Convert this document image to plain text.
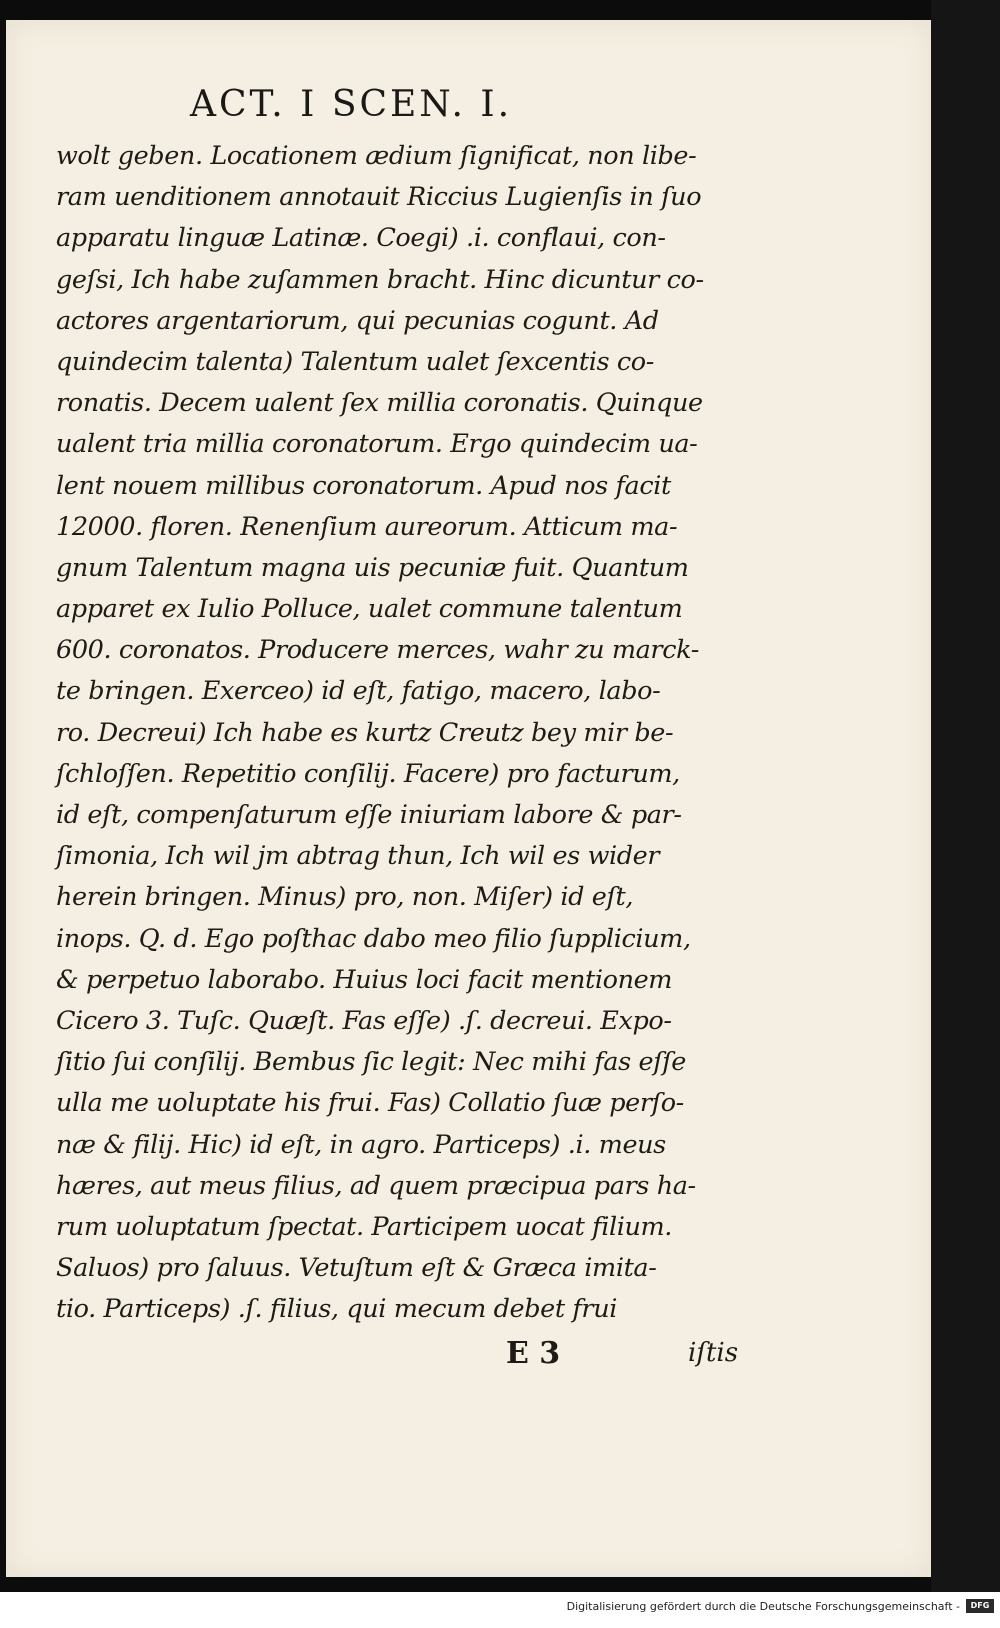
ACT. I SCEN. I.
wolt geben. Locationem ædium ſignificat, non libe-
ram uenditionem annotauit Riccius Lugienſis in ſuo
apparatu linguæ Latinæ. Coegi) .i. conflaui, con-
geſsi, Ich habe zuſammen bracht. Hinc dicuntur co-
actores argentariorum, qui pecunias cogunt. Ad
quindecim talenta) Talentum ualet ſexcentis co-
ronatis. Decem ualent ſex millia coronatis. Quinque
ualent tria millia coronatorum. Ergo quindecim ua-
lent nouem millibus coronatorum. Apud nos facit
12000. floren. Renenſium aureorum. Atticum ma-
gnum Talentum magna uis pecuniæ fuit. Quantum
apparet ex Iulio Polluce, ualet commune talentum
600. coronatos. Producere merces, wahr zu marck-
te bringen. Exerceo) id eſt, fatigo, macero, labo-
ro. Decreui) Ich habe es kurtz Creutz bey mir be-
ſchloſſen. Repetitio conſilij. Facere) pro facturum,
id eſt, compenſaturum eſſe iniuriam labore & par-
ſimonia, Ich wil jm abtrag thun, Ich wil es wider
herein bringen. Minus) pro, non. Miſer) id eſt,
inops. Q. d. Ego poſthac dabo meo filio ſupplicium,
& perpetuo laborabo. Huius loci facit mentionem
Cicero 3. Tuſc. Quæſt. Fas eſſe) .ſ. decreui. Expo-
ſitio ſui conſilij. Bembus ſic legit: Nec mihi fas eſſe
ulla me uoluptate his frui. Fas) Collatio ſuæ perſo-
næ & filij. Hic) id eſt, in agro. Particeps) .i. meus
hæres, aut meus filius, ad quem præcipua pars ha-
rum uoluptatum ſpectat. Participem uocat filium.
Saluos) pro ſaluus. Vetuſtum eſt & Græca imita-
tio. Particeps) .ſ. filius, qui mecum debet frui
E 3	iſtis
Digitalisierung gefördert durch die Deutsche Forschungsgemeinschaft -	DFG
